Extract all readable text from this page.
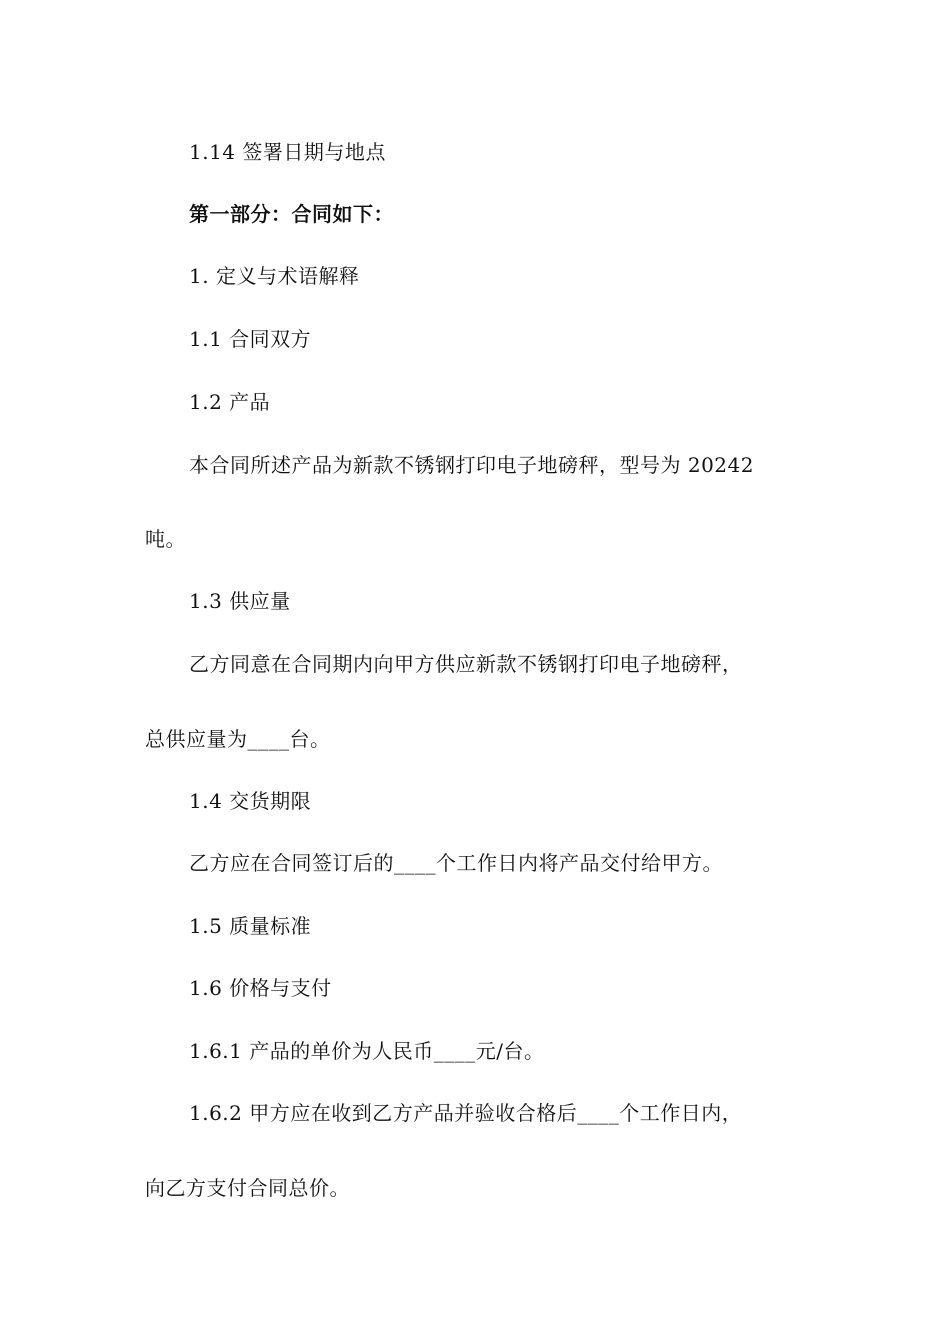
1.14 签署日期与地点
第一部分：合同如下：
1. 定义与术语解释
1.1 合同双方
1.2 产品
本合同所述产品为新款不锈钢打印电子地磅秤，型号为 20242
吨。
1.3 供应量
乙方同意在合同期内向甲方供应新款不锈钢打印电子地磅秤，
总供应量为____台。
1.4 交货期限
乙方应在合同签订后的____个工作日内将产品交付给甲方。
1.5 质量标准
1.6 价格与支付
1.6.1 产品的单价为人民币____元/台。
1.6.2 甲方应在收到乙方产品并验收合格后____个工作日内，
向乙方支付合同总价。
